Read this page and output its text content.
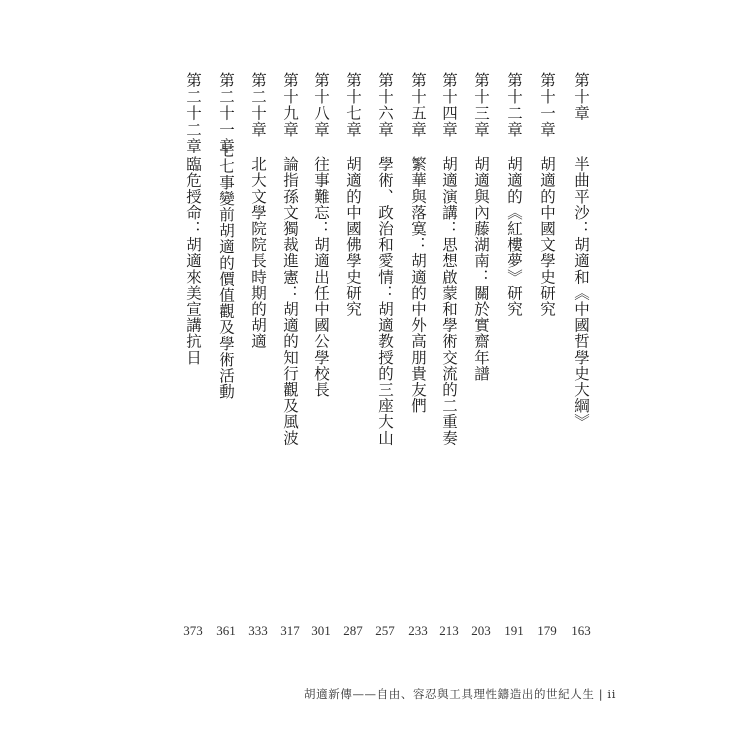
第十章
半曲平沙：胡適和《中國哲學史大綱》
163
第十一章
胡適的中國文學史研究
179
第十二章
胡適的《紅樓夢》研究
191
第十三章
胡適與內藤湖南：關於實齋年譜
203
第十四章
胡適演講：思想啟蒙和學術交流的二重奏
213
第十五章
繁華與落寞：胡適的中外高朋貴友們
233
第十六章
學術、政治和愛情：胡適教授的三座大山
257
第十七章
胡適的中國佛學史研究
287
第十八章
往事難忘：胡適出任中國公學校長
301
第十九章
論指孫文獨裁進憲：胡適的知行觀及風波
317
第二十章
北大文學院院長時期的胡適
333
第二十一章
七七事變前胡適的價值觀及學術活動
361
第二十二章
臨危授命：胡適來美宣講抗日
373
胡適新傳——自由、容忍與工具理性鑄造出的世紀人生 | ii
